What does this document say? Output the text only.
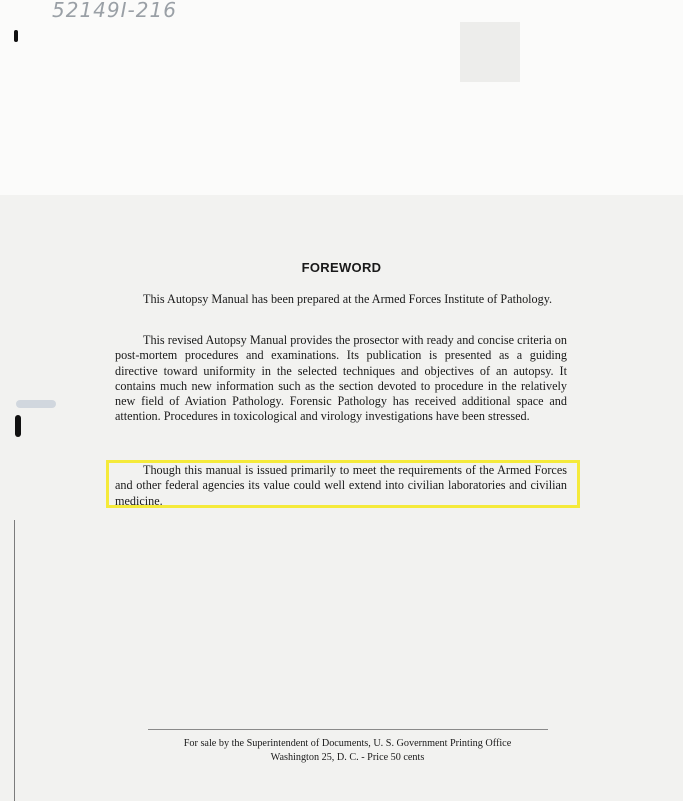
52149I-216
FOREWORD

This Autopsy Manual has been prepared at the Armed Forces Institute of Pathology.

This revised Autopsy Manual provides the prosector with ready and concise criteria on post-mortem procedures and examinations. Its publication is presented as a guiding directive toward uniformity in the selected techniques and objectives of an autopsy. It contains much new information such as the section devoted to procedure in the relatively new field of Aviation Pathology. Forensic Pathology has received additional space and attention. Procedures in toxicological and virology investigations have been stressed.

Though this manual is issued primarily to meet the requirements of the Armed Forces and other federal agencies its value could well extend into civilian laboratories and civilian medicine.

For sale by the Superintendent of Documents, U. S. Government Printing Office
Washington 25, D. C. - Price 50 cents
